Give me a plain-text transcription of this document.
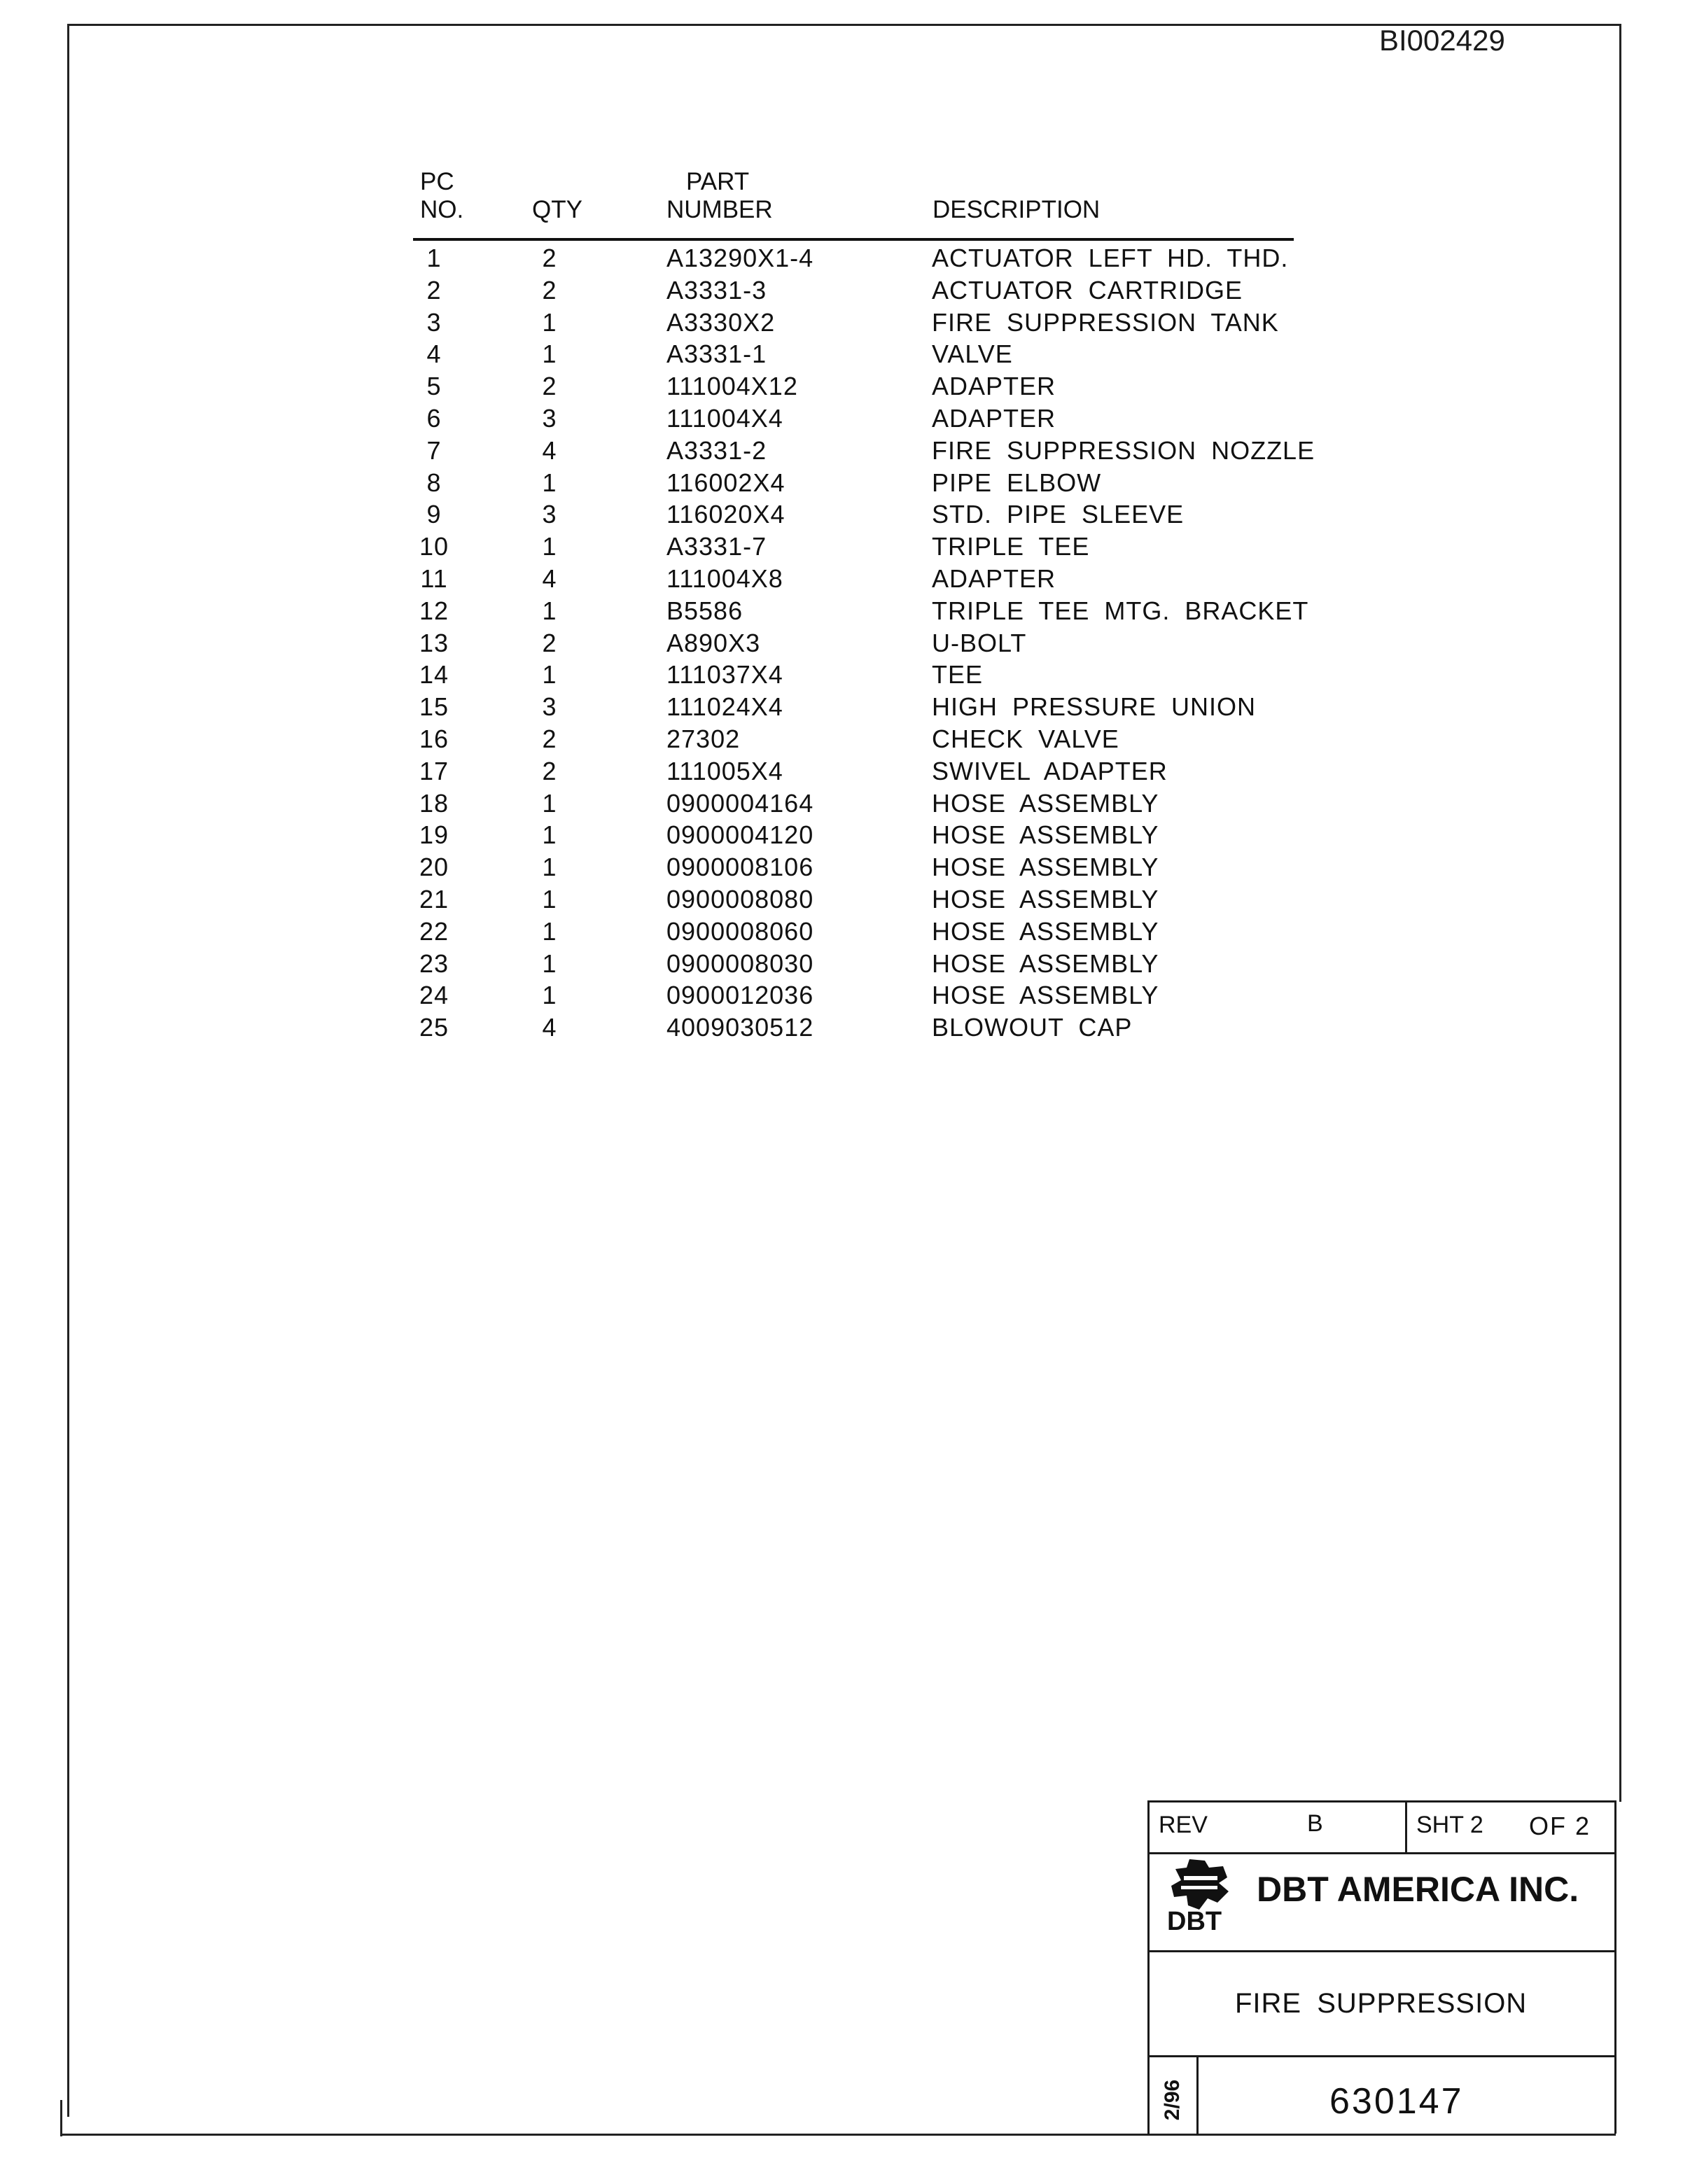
BI002429
PC
NO.	QTY
PART
NUMBER	DESCRIPTION
1	2	A13290X1-4	ACTUATOR LEFT HD. THD.
2	2	A3331-3	ACTUATOR CARTRIDGE
3	1	A3330X2	FIRE SUPPRESSION TANK
4	1	A3331-1	VALVE
5	2	111004X12	ADAPTER
6	3	111004X4	ADAPTER
7	4	A3331-2	FIRE SUPPRESSION NOZZLE
8	1	116002X4	PIPE ELBOW
9	3	116020X4	STD. PIPE SLEEVE
10	1	A3331-7	TRIPLE TEE
11	4	111004X8	ADAPTER
12	1	B5586	TRIPLE TEE MTG. BRACKET
13	2	A890X3	U-BOLT
14	1	111037X4	TEE
15	3	111024X4	HIGH PRESSURE UNION
16	2	27302	CHECK VALVE
17	2	111005X4	SWIVEL ADAPTER
18	1	0900004164	HOSE ASSEMBLY
19	1	0900004120	HOSE ASSEMBLY
20	1	0900008106	HOSE ASSEMBLY
21	1	0900008080	HOSE ASSEMBLY
22	1	0900008060	HOSE ASSEMBLY
23	1	0900008030	HOSE ASSEMBLY
24	1	0900012036	HOSE ASSEMBLY
25	4	4009030512	BLOWOUT CAP
REV	B	SHT 2 OF 2
DBT
DBT AMERICA INC.
FIRE SUPPRESSION
2/96	630147
